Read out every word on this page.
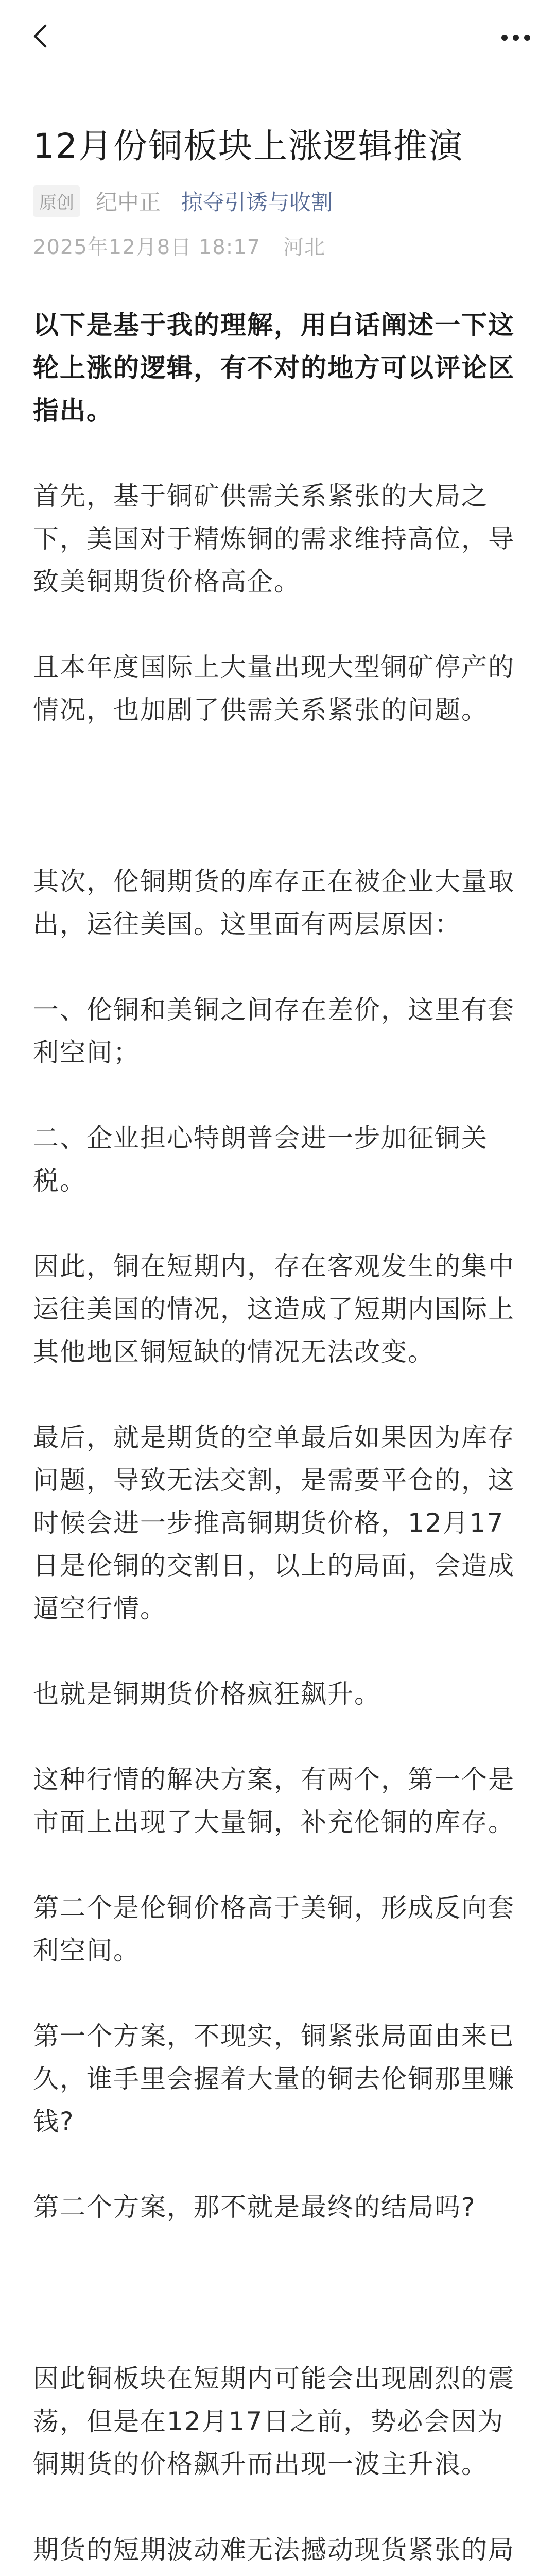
12月份铜板块上涨逻辑推演
原创 纪中正 掠夺引诱与收割
2025年12月8日 18:17 河北

以下是基于我的理解，用白话阐述一下这轮上涨的逻辑，有不对的地方可以评论区指出。

首先，基于铜矿供需关系紧张的大局之下，美国对于精炼铜的需求维持高位，导致美铜期货价格高企。

且本年度国际上大量出现大型铜矿停产的情况，也加剧了供需关系紧张的问题。

其次，伦铜期货的库存正在被企业大量取出，运往美国。这里面有两层原因：

一、伦铜和美铜之间存在差价，这里有套利空间；

二、企业担心特朗普会进一步加征铜关税。

因此，铜在短期内，存在客观发生的集中运往美国的情况，这造成了短期内国际上其他地区铜短缺的情况无法改变。

最后，就是期货的空单最后如果因为库存问题，导致无法交割，是需要平仓的，这时候会进一步推高铜期货价格，12月17日是伦铜的交割日，以上的局面，会造成逼空行情。

也就是铜期货价格疯狂飙升。

这种行情的解决方案，有两个，第一个是市面上出现了大量铜，补充伦铜的库存。

第二个是伦铜价格高于美铜，形成反向套利空间。

第一个方案，不现实，铜紧张局面由来已久，谁手里会握着大量的铜去伦铜那里赚钱?

第二个方案，那不就是最终的结局吗?

因此铜板块在短期内可能会出现剧烈的震荡，但是在12月17日之前，势必会因为铜期货的价格飙升而出现一波主升浪。

期货的短期波动难无法撼动现货紧张的局
